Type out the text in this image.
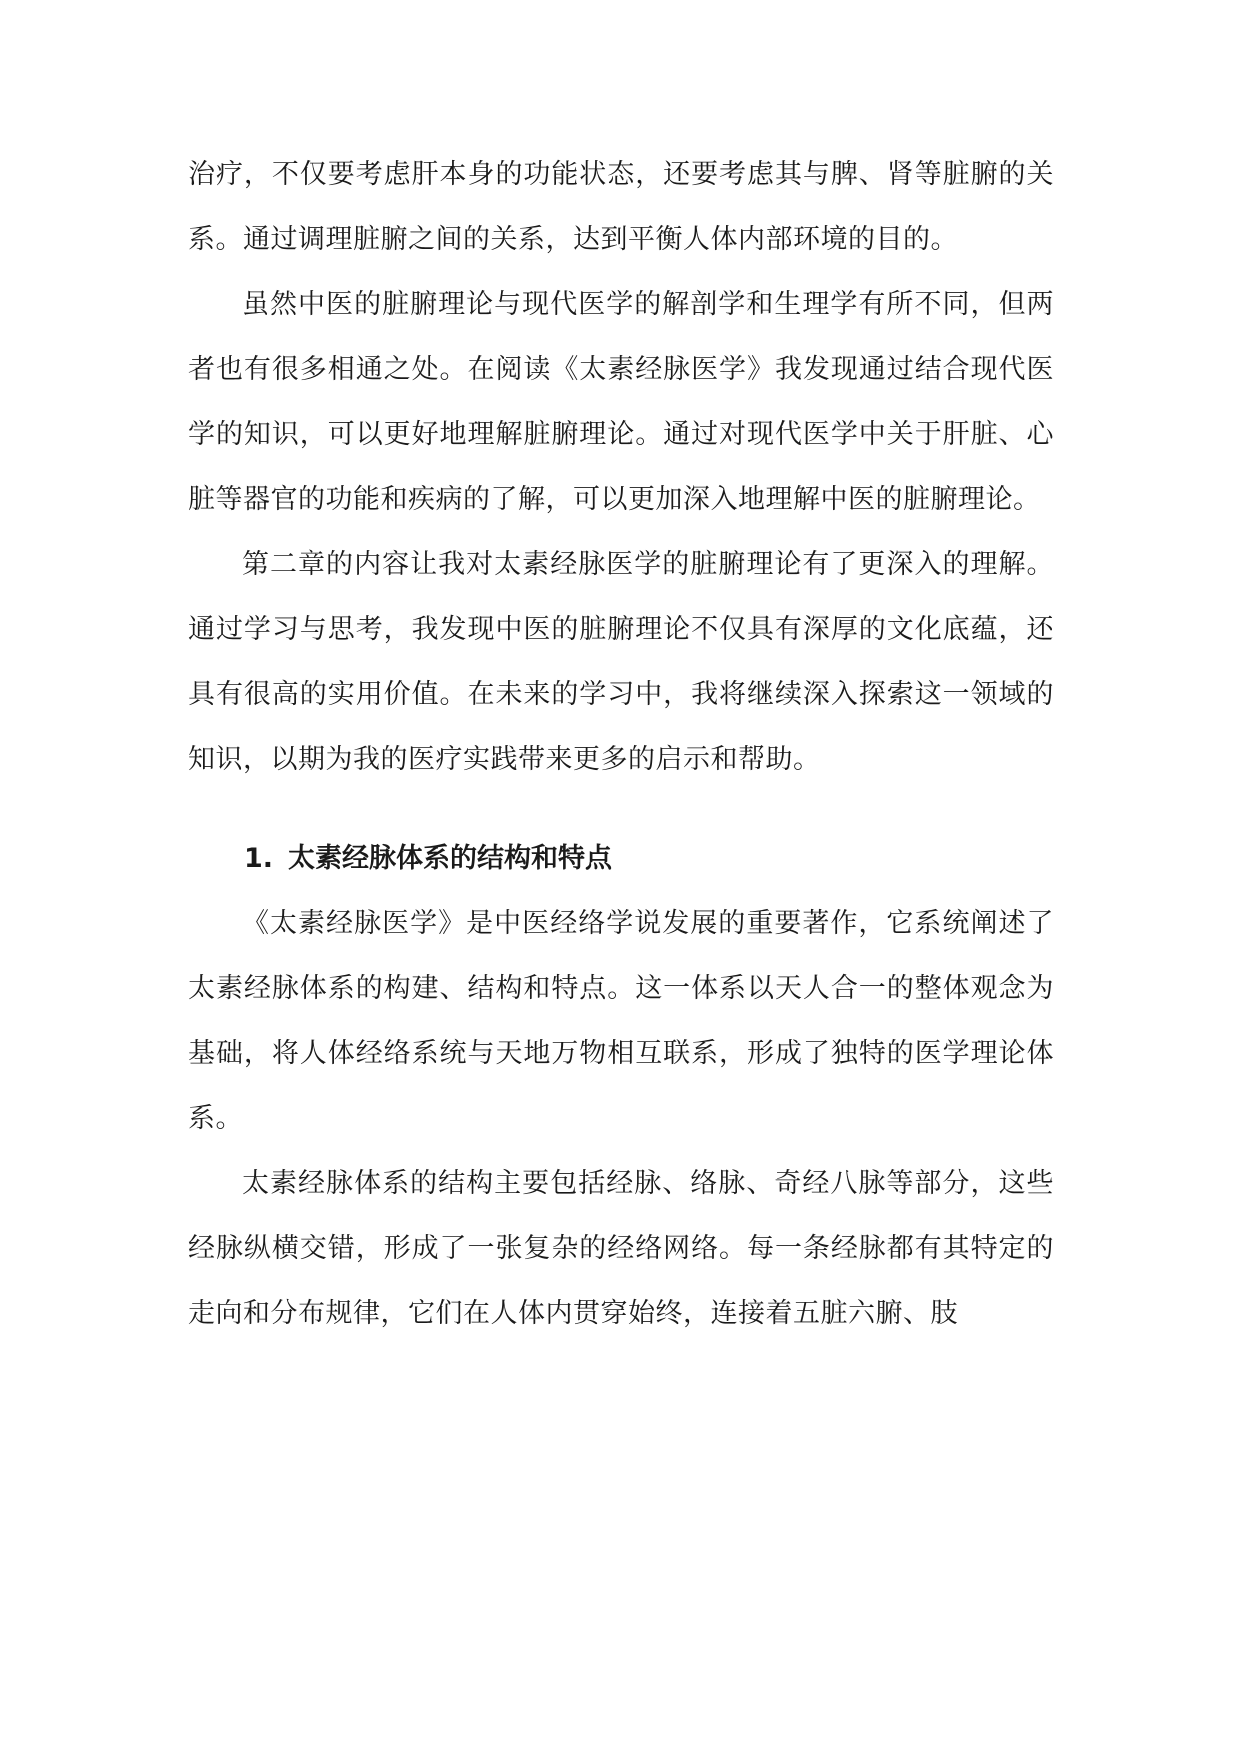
治疗，不仅要考虑肝本身的功能状态，还要考虑其与脾、肾等脏腑的关系。通过调理脏腑之间的关系，达到平衡人体内部环境的目的。

虽然中医的脏腑理论与现代医学的解剖学和生理学有所不同，但两者也有很多相通之处。在阅读《太素经脉医学》我发现通过结合现代医学的知识，可以更好地理解脏腑理论。通过对现代医学中关于肝脏、心脏等器官的功能和疾病的了解，可以更加深入地理解中医的脏腑理论。

第二章的内容让我对太素经脉医学的脏腑理论有了更深入的理解。通过学习与思考，我发现中医的脏腑理论不仅具有深厚的文化底蕴，还具有很高的实用价值。在未来的学习中，我将继续深入探索这一领域的知识，以期为我的医疗实践带来更多的启示和帮助。

1. 太素经脉体系的结构和特点

《太素经脉医学》是中医经络学说发展的重要著作，它系统阐述了太素经脉体系的构建、结构和特点。这一体系以天人合一的整体观念为基础，将人体经络系统与天地万物相互联系，形成了独特的医学理论体系。

太素经脉体系的结构主要包括经脉、络脉、奇经八脉等部分，这些经脉纵横交错，形成了一张复杂的经络网络。每一条经脉都有其特定的走向和分布规律，它们在人体内贯穿始终，连接着五脏六腑、肢
